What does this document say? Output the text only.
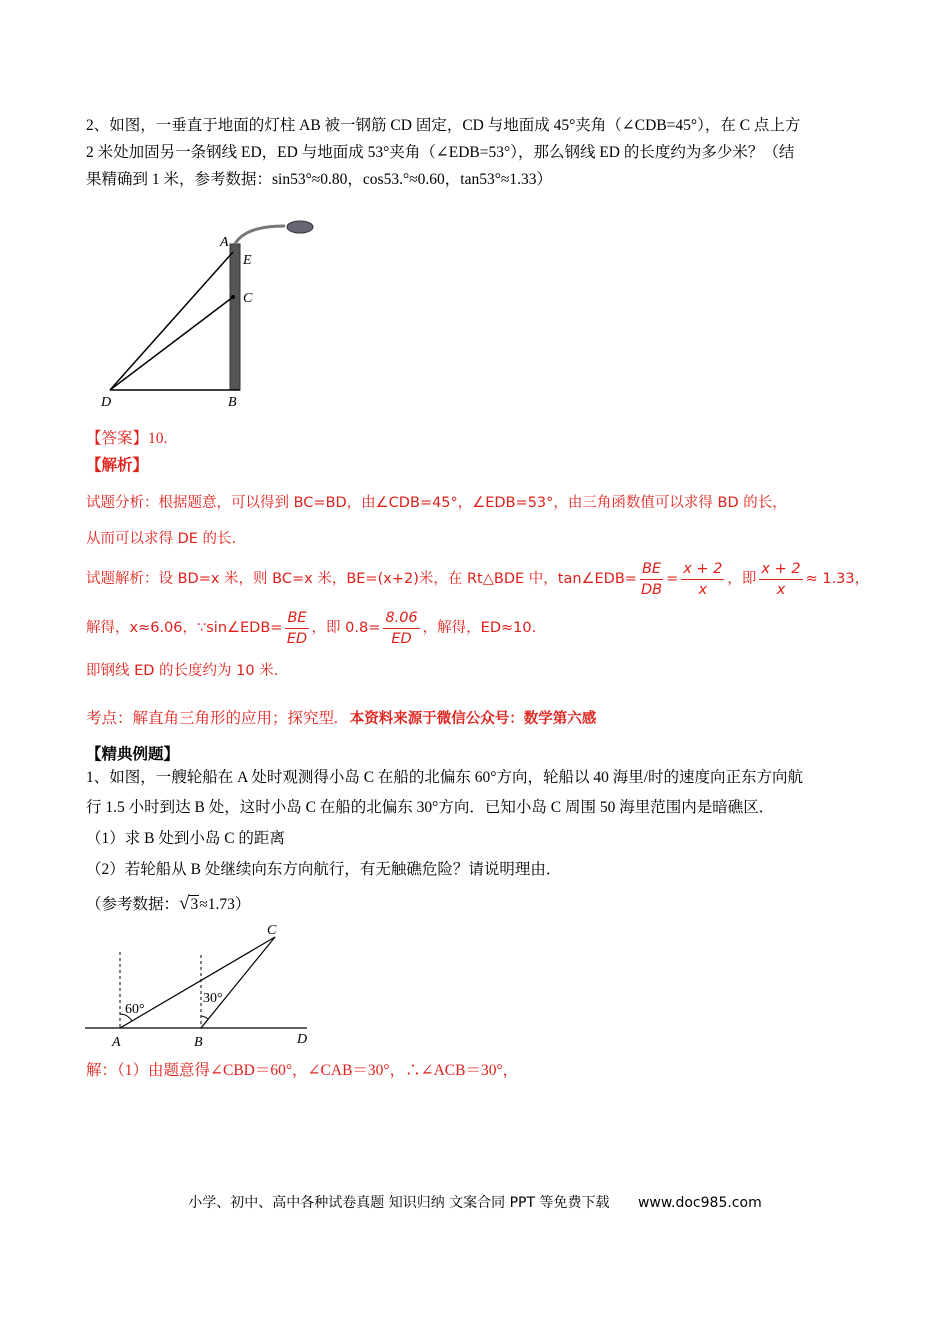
2、如图，一垂直于地面的灯柱 AB 被一钢筋 CD 固定，CD 与地面成 45°夹角（∠CDB=45°），在 C 点上方
2 米处加固另一条钢线 ED，ED 与地面成 53°夹角（∠EDB=53°），那么钢线 ED 的长度约为多少米？（结
果精确到 1 米，参考数据：sin53°≈0.80，cos53.°≈0.60，tan53°≈1.33）
A
E
C
D	B
【答案】10.
【解析】
试题分析：根据题意，可以得到 BC=BD，由∠CDB=45°，∠EDB=53°，由三角函数值可以求得 BD 的长，
从而可以求得 DE 的长.
试题解析：设 BD=x 米，则 BC=x 米，BE=(x+2)米，在 Rt△BDE 中，tan∠EDB= $\frac{BE}{DB} = \frac{x + 2}{x}$ ，即 $\frac{x + 2}{x} \approx 1.33$，
解得，x≈6.06，∵sin∠EDB= $\frac{BE}{ED}$ ，即 $0.8= \frac{8.06}{ED}$ ，解得，ED≈10.
即钢线 ED 的长度约为 10 米.
考点：解直角三角形的应用；探究型. 本资料来源于微信公众号：数学第六感
【精典例题】
1、如图，一艘轮船在 A 处时观测得小岛 C 在船的北偏东 60°方向，轮船以 40 海里/时的速度向正东方向航
行 1.5 小时到达 B 处，这时小岛 C 在船的北偏东 30°方向．已知小岛 C 周围 50 海里范围内是暗礁区．
（1）求 B 处到小岛 C 的距离
（2）若轮船从 B 处继续向东方向航行，有无触礁危险？请说明理由．
（参考数据：√3≈1.73）
C
60°
30°
A	B	D
解：（1）由题意得∠CBD＝60°，∠CAB＝30°，∴∠ACB＝30°，
小学、初中、高中各种试卷真题 知识归纳 文案合同 PPT 等免费下载 www.doc985.com
